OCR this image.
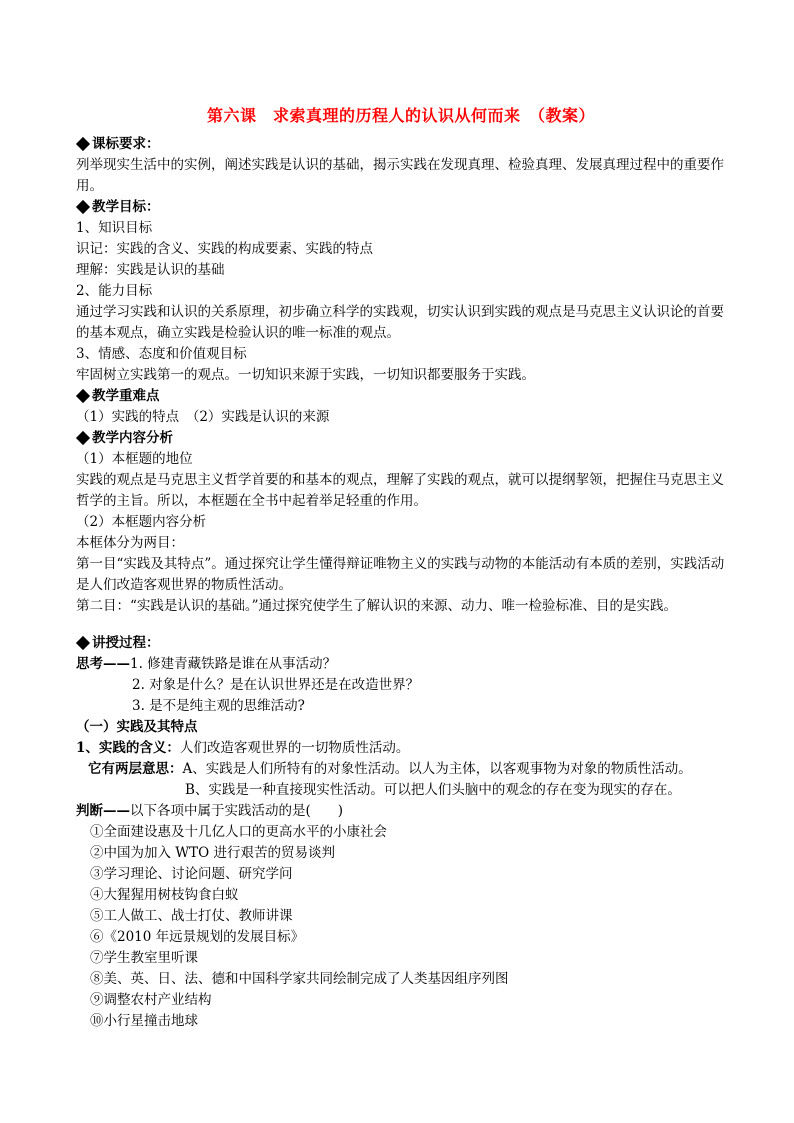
第六课　求索真理的历程人的认识从何而来　（教案）
课标要求：
列举现实生活中的实例，阐述实践是认识的基础，揭示实践在发现真理、检验真理、发展真理过程中的重要作用。
教学目标：
1、知识目标
识记：实践的含义、实践的构成要素、实践的特点
理解：实践是认识的基础
2、能力目标
通过学习实践和认识的关系原理，初步确立科学的实践观，切实认识到实践的观点是马克思主义认识论的首要的基本观点，确立实践是检验认识的唯一标准的观点。
3、情感、态度和价值观目标
牢固树立实践第一的观点。一切知识来源于实践，一切知识都要服务于实践。
教学重难点
（1）实践的特点　（2）实践是认识的来源
教学内容分析
（1）本框题的地位
实践的观点是马克思主义哲学首要的和基本的观点，理解了实践的观点，就可以提纲挈领，把握住马克思主义哲学的主旨。所以，本框题在全书中起着举足轻重的作用。
（2）本框题内容分析
本框体分为两目：
第一目“实践及其特点”。通过探究让学生懂得辩证唯物主义的实践与动物的本能活动有本质的差别，实践活动是人们改造客观世界的物质性活动。
第二目：“实践是认识的基础。”通过探究使学生了解认识的来源、动力、唯一检验标准、目的是实践。
讲授过程：
思考——1. 修建青藏铁路是谁在从事活动？
2. 对象是什么？是在认识世界还是在改造世界？
3. 是不是纯主观的思维活动?
（一）实践及其特点
1、实践的含义：人们改造客观世界的一切物质性活动。
它有两层意思：A、实践是人们所特有的对象性活动。以人为主体，以客观事物为对象的物质性活动。
B、实践是一种直接现实性活动。可以把人们头脑中的观念的存在变为现实的存在。
判断——以下各项中属于实践活动的是(　　)
①全面建设惠及十几亿人口的更高水平的小康社会
②中国为加入 WTO 进行艰苦的贸易谈判
③学习理论、讨论问题、研究学问
④大猩猩用树枝钩食白蚁
⑤工人做工、战士打仗、教师讲课
⑥《2010 年远景规划的发展目标》
⑦学生教室里听课
⑧美、英、日、法、德和中国科学家共同绘制完成了人类基因组序列图
⑨调整农村产业结构
⑩小行星撞击地球
